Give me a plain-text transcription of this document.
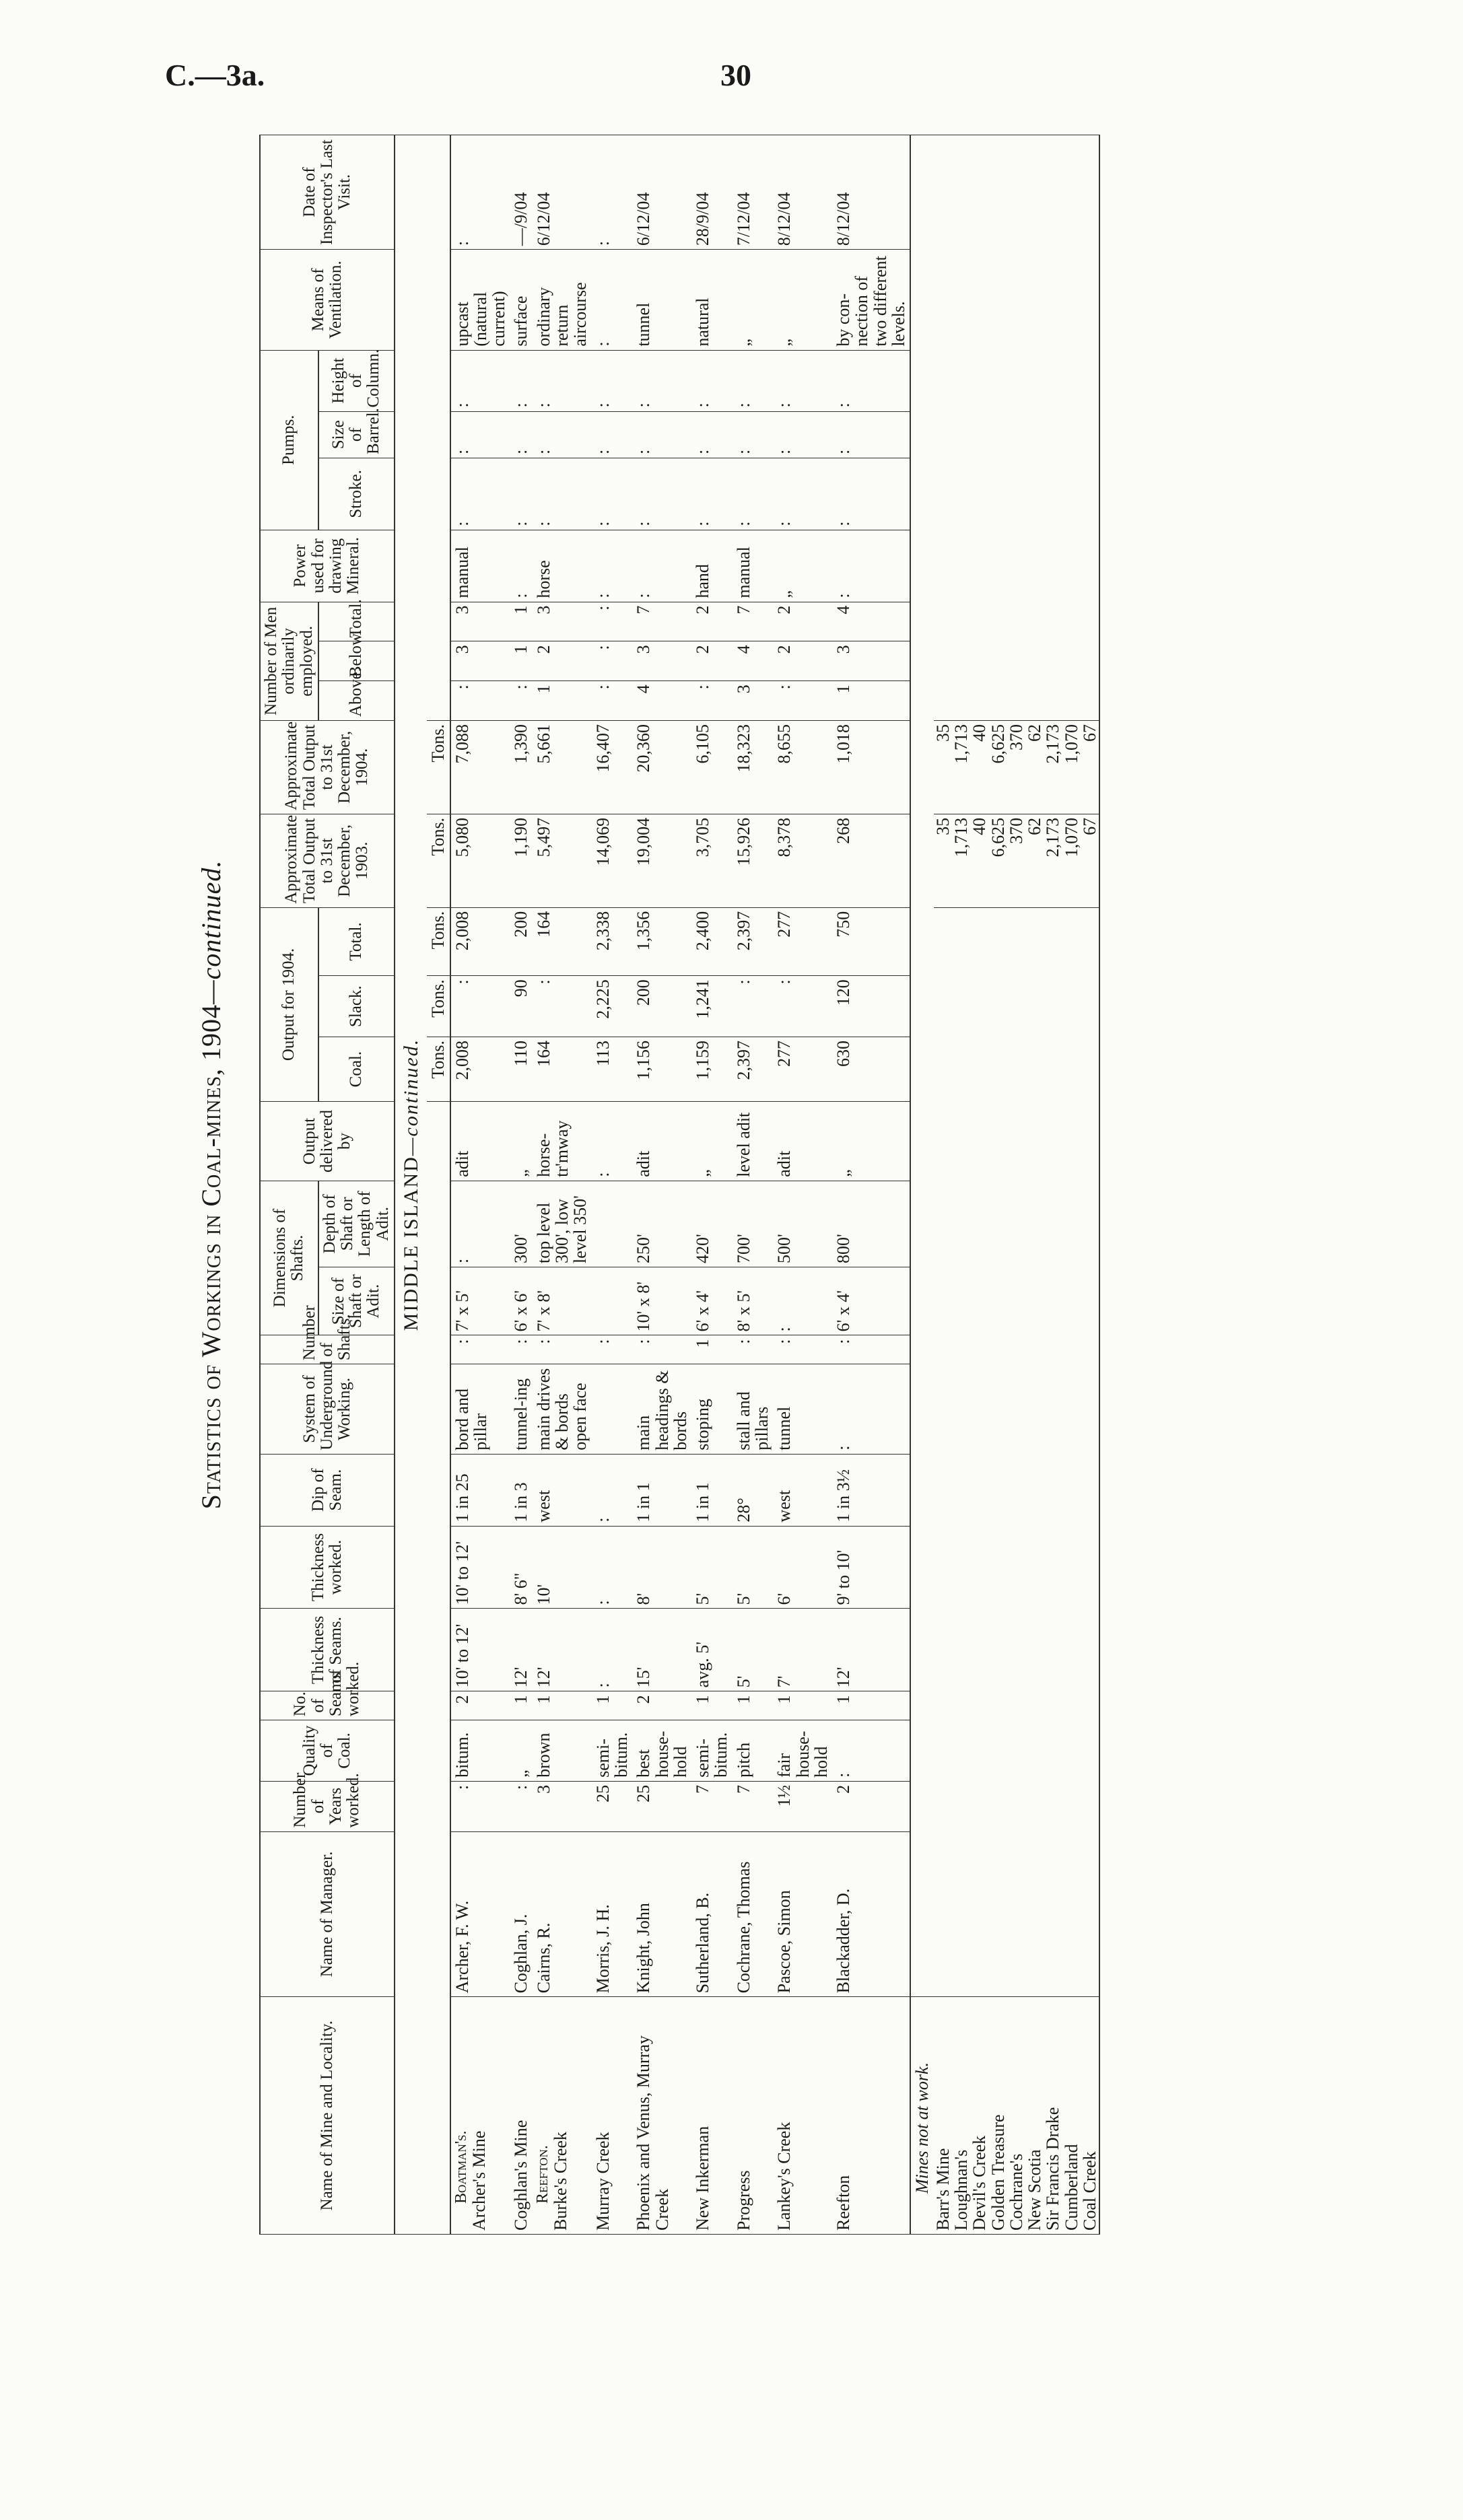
C.—3a.	30
Statistics of Workings in Coal-mines, 1904—continued.
Name of Mine and Locality.	Name of Manager.	Number of Years worked.	Quality of Coal.	No. of Seams worked.	Thickness of Seams.	Thickness worked.	Dip of Seam.	System of Underground Working.	Number of Shafts.	Dimensions of Shafts.		Output delivered by	Output for 1904.			Approximate Total Output to 31st December, 1903.	Approximate Total Output to 31st December, 1904.	Number of Men ordinarily employed.			Power used for drawing Mineral.	Pumps.			Means of Ventilation.	Date of Inspector's Last Visit.
										Size of Shaft or Adit.	Depth of Shaft or Length of Adit.		Coal.	Slack.	Total.			Above.	Below.	Total.		Stroke.	Size of Barrel.	Height of Column.		
MIDDLE ISLAND—continued.																										
													Tons.	Tons.	Tons.	Tons.	Tons.									

Boatman's. Archer's Mine	Archer, F. W.	:	bitum.	2	10' to 12'	10' to 12'	1 in 25	bord and pillar	:	7' x 5'	:	adit	2,008	:	2,008	5,080	7,088	:	3	3	manual	:	:	:	upcast (natural current)	:
Coghlan's Mine	Coghlan, J.	:	„	1	12'	8' 6"	1 in 3	tunnel-ing	:	6' x 6'	300'	„	110	90	200	1,190	1,390	:	1	1	:	:	:	:	surface	—/9/04

Reefton. Burke's Creek	Cairns, R.	3	brown	1	12'	10'	west	main drives & bords open face	:	7' x 8'	top level 300', low level 350'	horse-tr'mway	164	:	164	5,497	5,661	1	2	3	horse	:	:	:	ordinary return aircourse	6/12/04
Murray Creek	Morris, J. H.	25	semi-bitum.	1	:	:	:		:			:	113	2,225	2,338	14,069	16,407	:	:	:	:	:	:	:	:	:
Phoenix and Venus, Murray Creek	Knight, John	25	best house-hold	2	15'	8'	1 in 1	main headings & bords	:	10' x 8'	250'	adit	1,156	200	1,356	19,004	20,360	4	3	7	:	:	:	:	tunnel	6/12/04
New Inkerman	Sutherland, B.	7	semi-bitum.	1	avg. 5'	5'	1 in 1	stoping	1	6' x 4'	420'	„	1,159	1,241	2,400	3,705	6,105	:	2	2	hand	:	:	:	natural	28/9/04
Progress	Cochrane, Thomas	7	pitch	1	5'	5'	28°	stall and pillars	:	8' x 5'	700'	level adit	2,397	:	2,397	15,926	18,323	3	4	7	manual	:	:	:	„	7/12/04
Lankey's Creek	Pascoe, Simon	1½	fair house-hold	1	7'	6'	west	tunnel	:	:	500'	adit	277	:	277	8,378	8,655	:	2	2	„	:	:	:	„	8/12/04
Reefton	Blackadder, D.	2	:	1	12'	9' to 10'	1 in 3½	:	:	6' x 4'	800'	„	630	120	750	268	1,018	1	3	4	:	:	:	:	by con-nection of two different levels.	8/12/04
Mines not at work.																										
Barr's Mine																35	35									
Loughnan's																1,713	1,713									
Devil's Creek																40	40									
Golden Treasure																6,625	6,625									
Cochrane's																370	370									
New Scotia																62	62									
Sir Francis Drake																2,173	2,173									
Cumberland																1,070	1,070									
Coal Creek																67	67									
